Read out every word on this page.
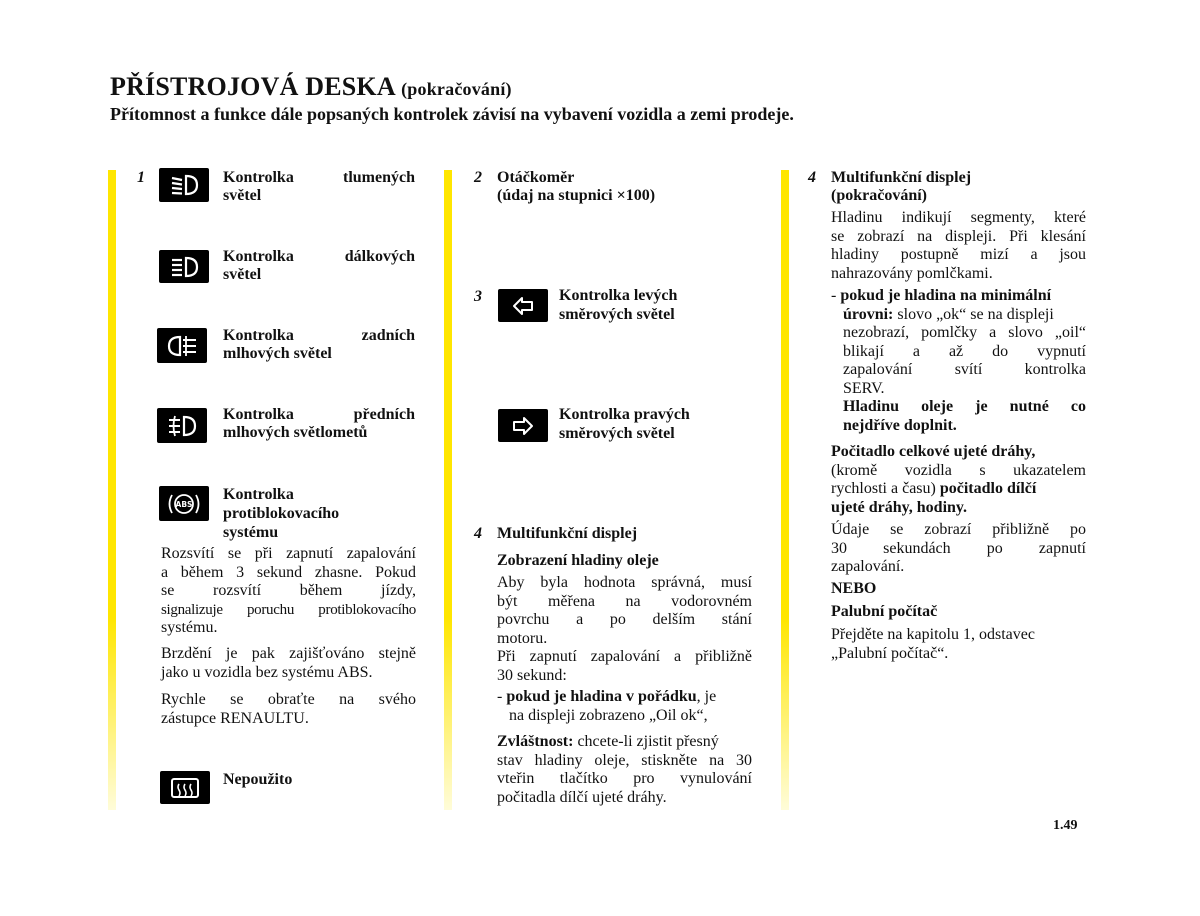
PŘÍSTROJOVÁ DESKA (pokračování)
Přítomnost a funkce dále popsaných kontrolek závisí na vybavení vozidla a zemi prodeje.
1	Kontrolka tlumených
světel
Kontrolka dálkových
světel
Kontrolka zadních
mlhových světel
Kontrolka předních
mlhových světlometů
ABS
Kontrolka
protiblokovacího
systému

Rozsvítí se při zapnutí zapalování

a během 3 sekund zhasne. Pokud

se rozsvítí během jízdy,

signalizuje poruchu protiblokovacího

systému.

Brzdění je pak zajišťováno stejně

jako u vozidla bez systému ABS.

Rychle se obraťte na svého

zástupce RENAULTU.

Nepoužito
2 Otáčkoměr
(údaj na stupnici ×100)
3	Kontrolka levých
směrových světel
Kontrolka pravých
směrových světel
4 Multifunkční displej
Zobrazení hladiny oleje

Aby byla hodnota správná, musí

být měřena na vodorovném

povrchu a po delším stání

motoru.

Při zapnutí zapalování a přibližně

30 sekund:

- pokud je hladina v pořádku, je

na displeji zobrazeno „Oil ok“,

Zvláštnost: chcete-li zjistit přesný

stav hladiny oleje, stiskněte na 30

vteřin tlačítko pro vynulování

počitadla dílčí ujeté dráhy.

4 Multifunkční displej
(pokračování)

Hladinu indikují segmenty, které

se zobrazí na displeji. Při klesání

hladiny postupně mizí a jsou

nahrazovány pomlčkami.

- pokud je hladina na minimální

úrovni: slovo „ok“ se na displeji

nezobrazí, pomlčky a slovo „oil“

blikají a až do vypnutí

zapalování svítí kontrolka

SERV.

Hladinu oleje je nutné co

nejdříve doplnit.

Počitadlo celkové ujeté dráhy,

(kromě vozidla s ukazatelem

rychlosti a času) počitadlo dílčí

ujeté dráhy, hodiny.

Údaje se zobrazí přibližně po

30 sekundách po zapnutí

zapalování.

NEBO
Palubní počítač

Přejděte na kapitolu 1, odstavec

„Palubní počítač“.

1.49
